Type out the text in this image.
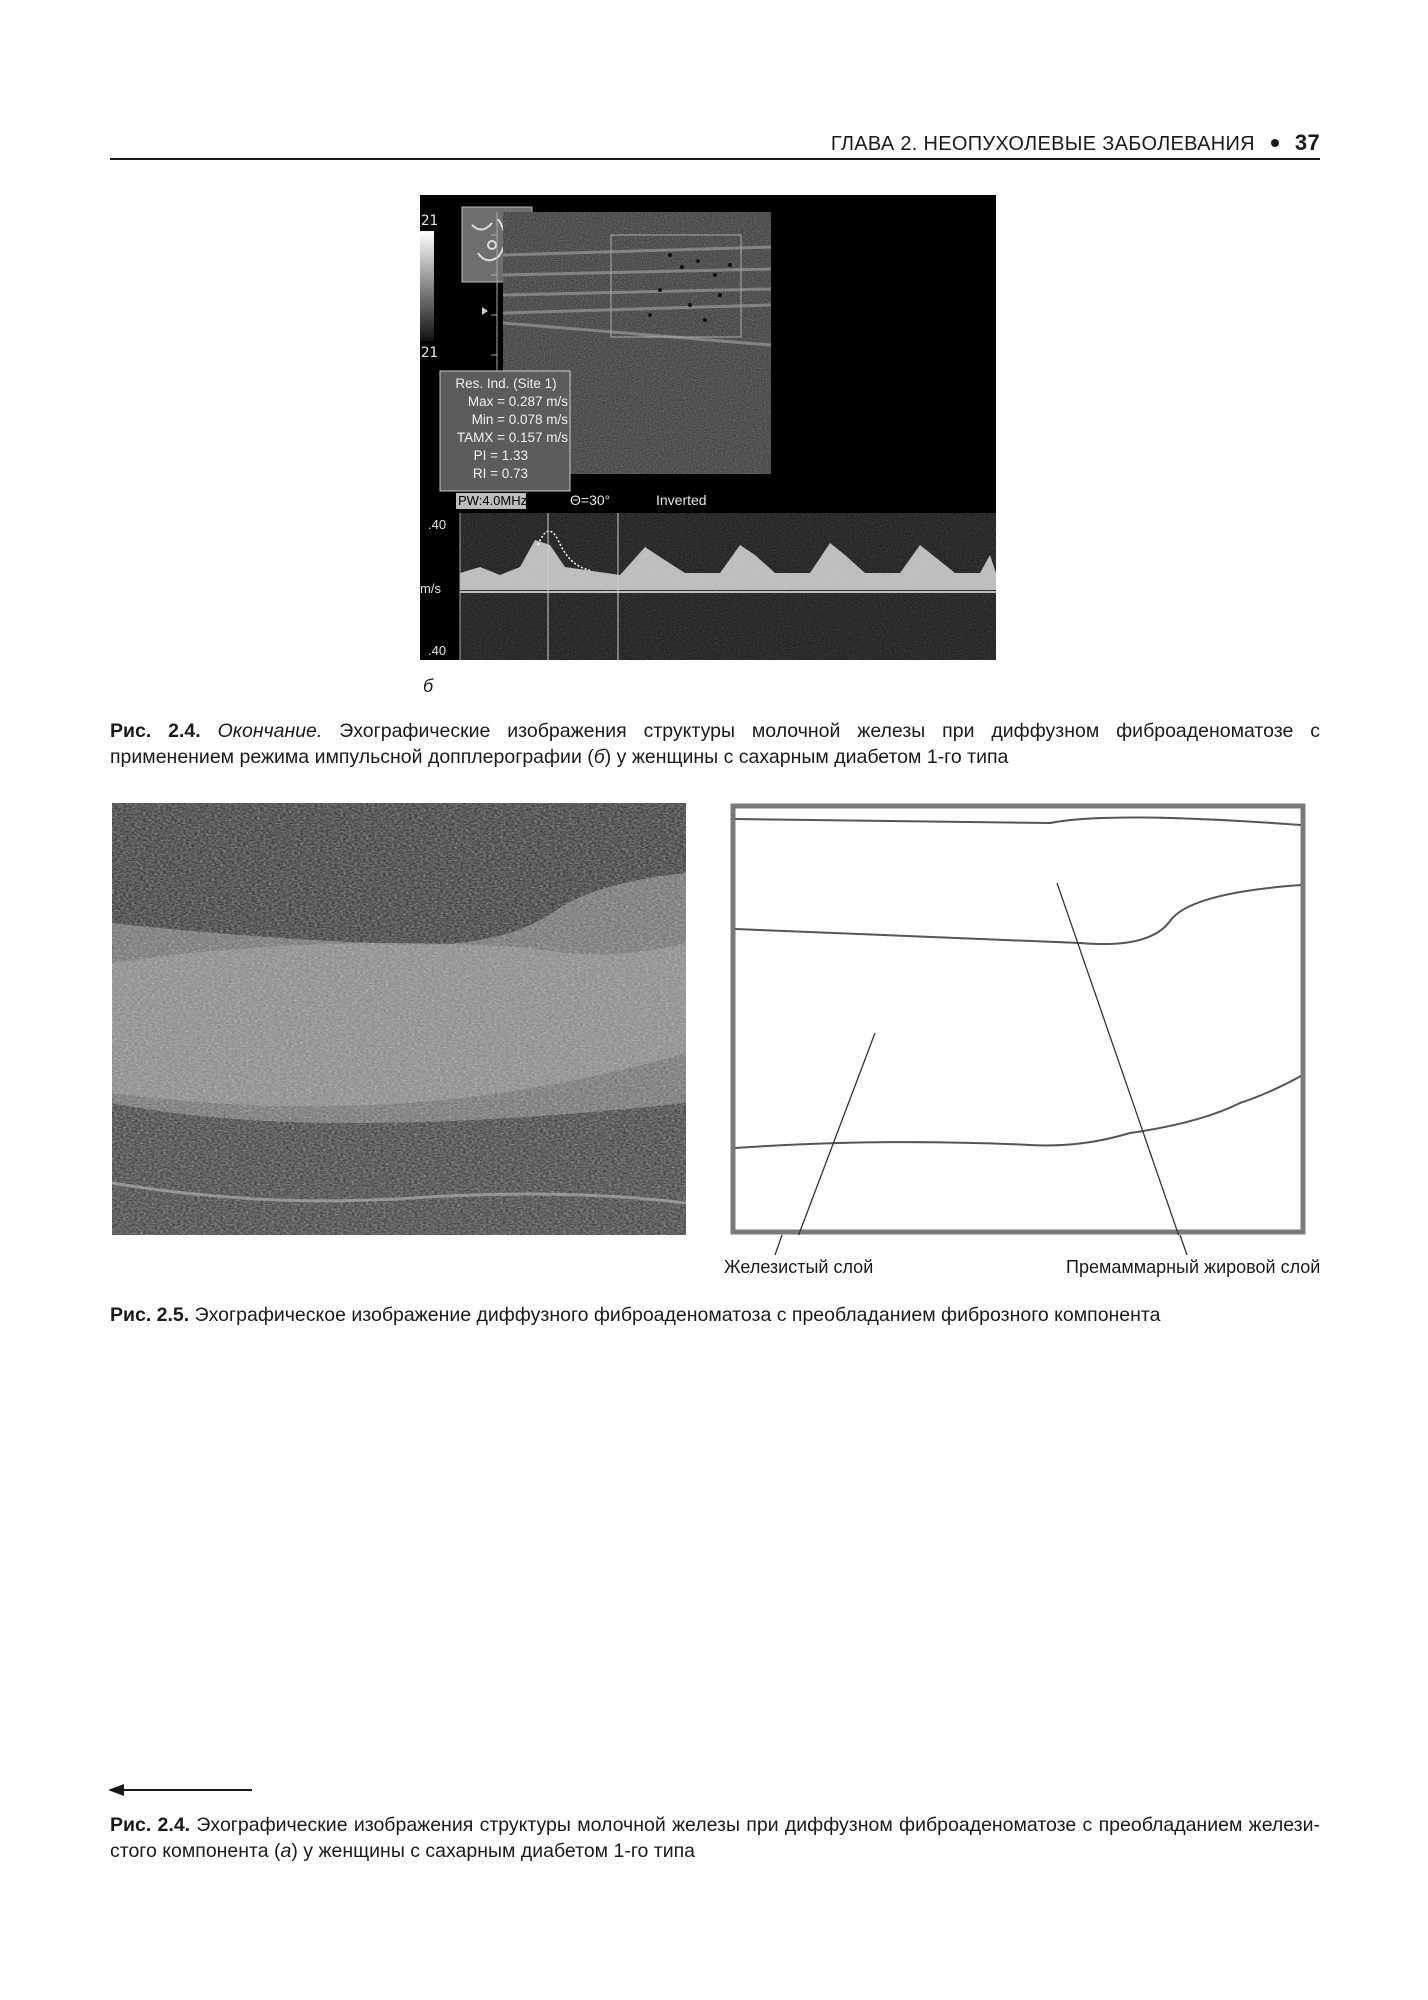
ГЛАВА 2. НЕОПУХОЛЕВЫЕ ЗАБОЛЕВАНИЯ 37
21
21
Res. Ind. (Site 1)
Max = 0.287 m/s
Min = 0.078 m/s
TAMX = 0.157 m/s
PI = 1.33
RI = 0.73
PW:4.0MHz	Θ=30°	Inverted
.40
m/s
.40
б
Рис. 2.4. Окончание. Эхографические изображения структуры молочной железы при диффузном фиброаденоматозе с применением режима импульсной допплерографии (б) у женщины с сахарным диабетом 1-го типа
Железистый слой	Премаммарный жировой слой
Рис. 2.5. Эхографическое изображение диффузного фиброаденоматоза с преобладанием фиброзного компонента
Рис. 2.4. Эхографические изображения структуры молочной железы при диффузном фиброаденоматозе с преобладанием желези-стого компонента (а) у женщины с сахарным диабетом 1-го типа
